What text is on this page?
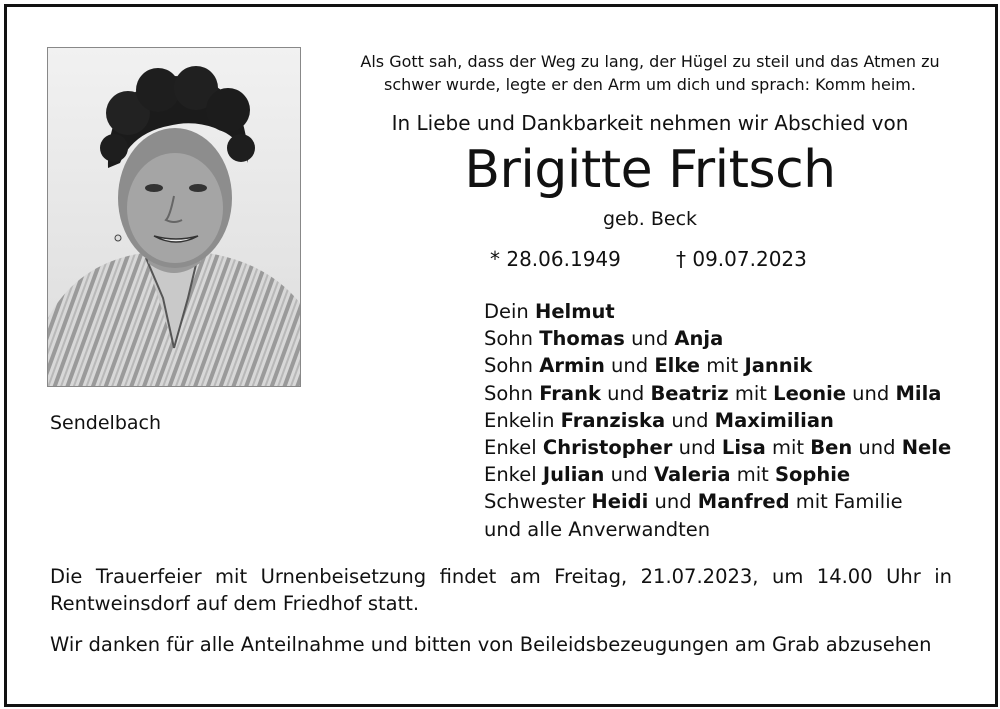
Sendelbach
Als Gott sah, dass der Weg zu lang, der Hügel zu steil und das Atmen zu
schwer wurde, legte er den Arm um dich und sprach: Komm heim.
In Liebe und Dankbarkeit nehmen wir Abschied von
Brigitte Fritsch
geb. Beck
* 28.06.1949	† 09.07.2023
Dein Helmut
Sohn Thomas und Anja
Sohn Armin und Elke mit Jannik
Sohn Frank und Beatriz mit Leonie und Mila
Enkelin Franziska und Maximilian
Enkel Christopher und Lisa mit Ben und Nele
Enkel Julian und Valeria mit Sophie
Schwester Heidi und Manfred mit Familie
und alle Anverwandten
Die Trauerfeier mit Urnenbeisetzung findet am Freitag, 21.07.2023, um 14.00 Uhr in Rentweinsdorf auf dem Friedhof statt.
Wir danken für alle Anteilnahme und bitten von Beileidsbezeugungen am Grab abzusehen
